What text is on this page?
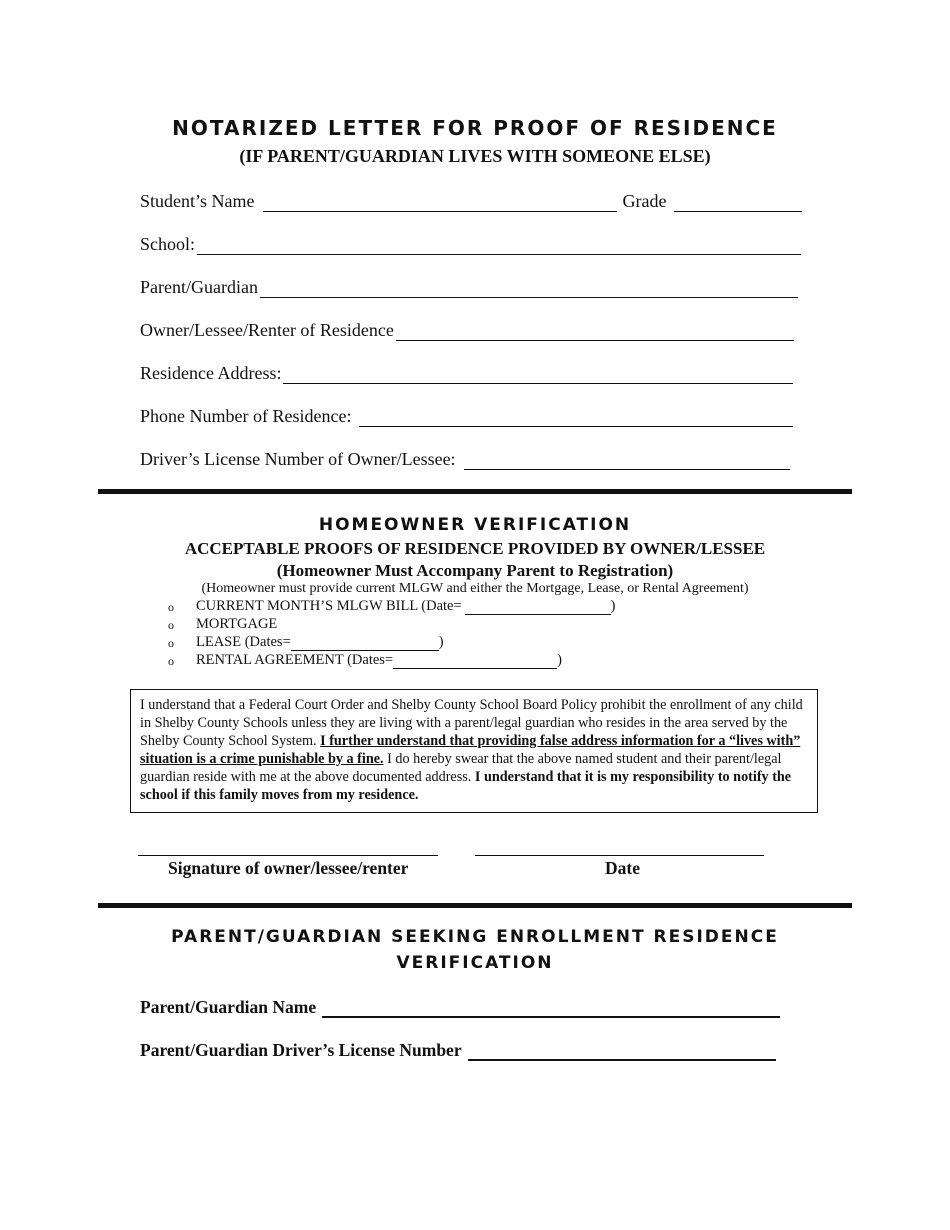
NOTARIZED LETTER FOR PROOF OF RESIDENCE
(IF PARENT/GUARDIAN LIVES WITH SOMEONE ELSE)
Student’s Name	Grade
School:
Parent/Guardian
Owner/Lessee/Renter of Residence
Residence Address:
Phone Number of Residence:
Driver’s License Number of Owner/Lessee:
HOMEOWNER VERIFICATION
ACCEPTABLE PROOFS OF RESIDENCE PROVIDED BY OWNER/LESSEE
(Homeowner Must Accompany Parent to Registration)
(Homeowner must provide current MLGW and either the Mortgage, Lease, or Rental Agreement)
o	CURRENT MONTH’S MLGW BILL (Date=	)
o	MORTGAGE
o	LEASE (Dates=	)
o	RENTAL AGREEMENT (Dates=	)
I understand that a Federal Court Order and Shelby County School Board Policy prohibit the enrollment of any child in Shelby County Schools unless they are living with a parent/legal guardian who resides in the area served by the Shelby County School System. I further understand that providing false address information for a “lives with” situation is a crime punishable by a fine. I do hereby swear that the above named student and their parent/legal guardian reside with me at the above documented address. I understand that it is my responsibility to notify the school if this family moves from my residence.
Signature of owner/lessee/renter	Date
PARENT/GUARDIAN SEEKING ENROLLMENT RESIDENCE
VERIFICATION
Parent/Guardian Name
Parent/Guardian Driver’s License Number
